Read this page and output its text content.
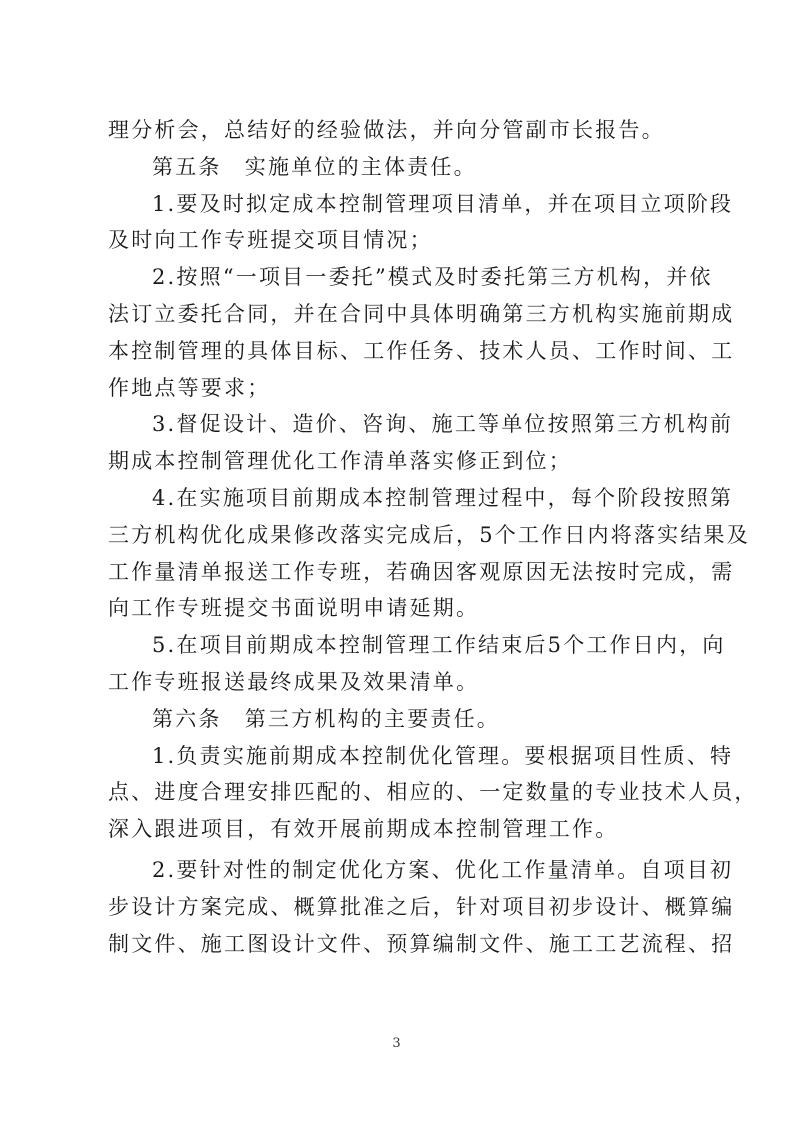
理分析会，总结好的经验做法，并向分管副市长报告。
第五条　实施单位的主体责任。
1.要及时拟定成本控制管理项目清单，并在项目立项阶段
及时向工作专班提交项目情况；
2.按照“一项目一委托”模式及时委托第三方机构，并依
法订立委托合同，并在合同中具体明确第三方机构实施前期成
本控制管理的具体目标、工作任务、技术人员、工作时间、工
作地点等要求；
3.督促设计、造价、咨询、施工等单位按照第三方机构前
期成本控制管理优化工作清单落实修正到位；
4.在实施项目前期成本控制管理过程中，每个阶段按照第
三方机构优化成果修改落实完成后，5个工作日内将落实结果及
工作量清单报送工作专班，若确因客观原因无法按时完成，需
向工作专班提交书面说明申请延期。
5.在项目前期成本控制管理工作结束后5个工作日内，向
工作专班报送最终成果及效果清单。
第六条　第三方机构的主要责任。
1.负责实施前期成本控制优化管理。要根据项目性质、特
点、进度合理安排匹配的、相应的、一定数量的专业技术人员，
深入跟进项目，有效开展前期成本控制管理工作。
2.要针对性的制定优化方案、优化工作量清单。自项目初
步设计方案完成、概算批准之后，针对项目初步设计、概算编
制文件、施工图设计文件、预算编制文件、施工工艺流程、招
3
